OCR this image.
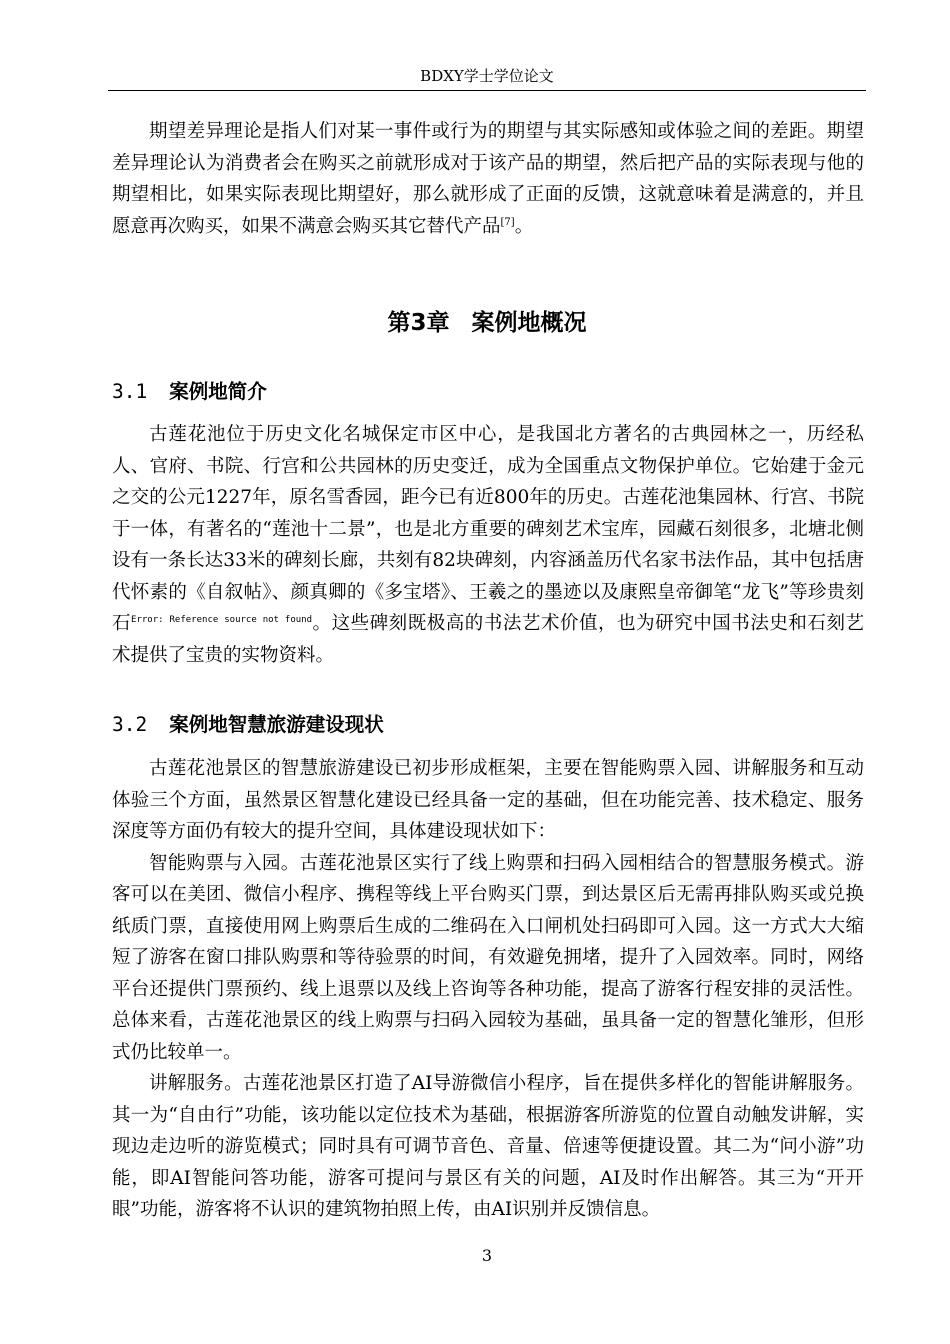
BDXY学士学位论文

期望差异理论是指人们对某一事件或行为的期望与其实际感知或体验之间的差距。期望差异理论认为消费者会在购买之前就形成对于该产品的期望，然后把产品的实际表现与他的期望相比，如果实际表现比期望好，那么就形成了正面的反馈，这就意味着是满意的，并且愿意再次购买，如果不满意会购买其它替代产品[7]。

第3章 案例地概况
3.1 案例地简介

古莲花池位于历史文化名城保定市区中心，是我国北方著名的古典园林之一，历经私人、官府、书院、行宫和公共园林的历史变迁，成为全国重点文物保护单位。它始建于金元之交的公元1227年，原名雪香园，距今已有近800年的历史。古莲花池集园林、行宫、书院于一体，有著名的“莲池十二景”，也是北方重要的碑刻艺术宝库，园藏石刻很多，北塘北侧设有一条长达33米的碑刻长廊，共刻有82块碑刻，内容涵盖历代名家书法作品，其中包括唐代怀素的《自叙帖》、颜真卿的《多宝塔》、王羲之的墨迹以及康熙皇帝御笔“龙飞”等珍贵刻石$^{Error: Reference source not found}$。这些碑刻既极高的书法艺术价值，也为研究中国书法史和石刻艺术提供了宝贵的实物资料。

3.2 案例地智慧旅游建设现状

古莲花池景区的智慧旅游建设已初步形成框架，主要在智能购票入园、讲解服务和互动体验三个方面，虽然景区智慧化建设已经具备一定的基础，但在功能完善、技术稳定、服务深度等方面仍有较大的提升空间，具体建设现状如下：

智能购票与入园。古莲花池景区实行了线上购票和扫码入园相结合的智慧服务模式。游客可以在美团、微信小程序、携程等线上平台购买门票，到达景区后无需再排队购买或兑换纸质门票，直接使用网上购票后生成的二维码在入口闸机处扫码即可入园。这一方式大大缩短了游客在窗口排队购票和等待验票的时间，有效避免拥堵，提升了入园效率。同时，网络平台还提供门票预约、线上退票以及线上咨询等各种功能，提高了游客行程安排的灵活性。总体来看，古莲花池景区的线上购票与扫码入园较为基础，虽具备一定的智慧化雏形，但形式仍比较单一。

讲解服务。古莲花池景区打造了AI导游微信小程序，旨在提供多样化的智能讲解服务。其一为“自由行”功能，该功能以定位技术为基础，根据游客所游览的位置自动触发讲解，实现边走边听的游览模式；同时具有可调节音色、音量、倍速等便捷设置。其二为“问小游”功能，即AI智能问答功能，游客可提问与景区有关的问题，AI及时作出解答。其三为“开开眼”功能，游客将不认识的建筑物拍照上传，由AI识别并反馈信息。

3
